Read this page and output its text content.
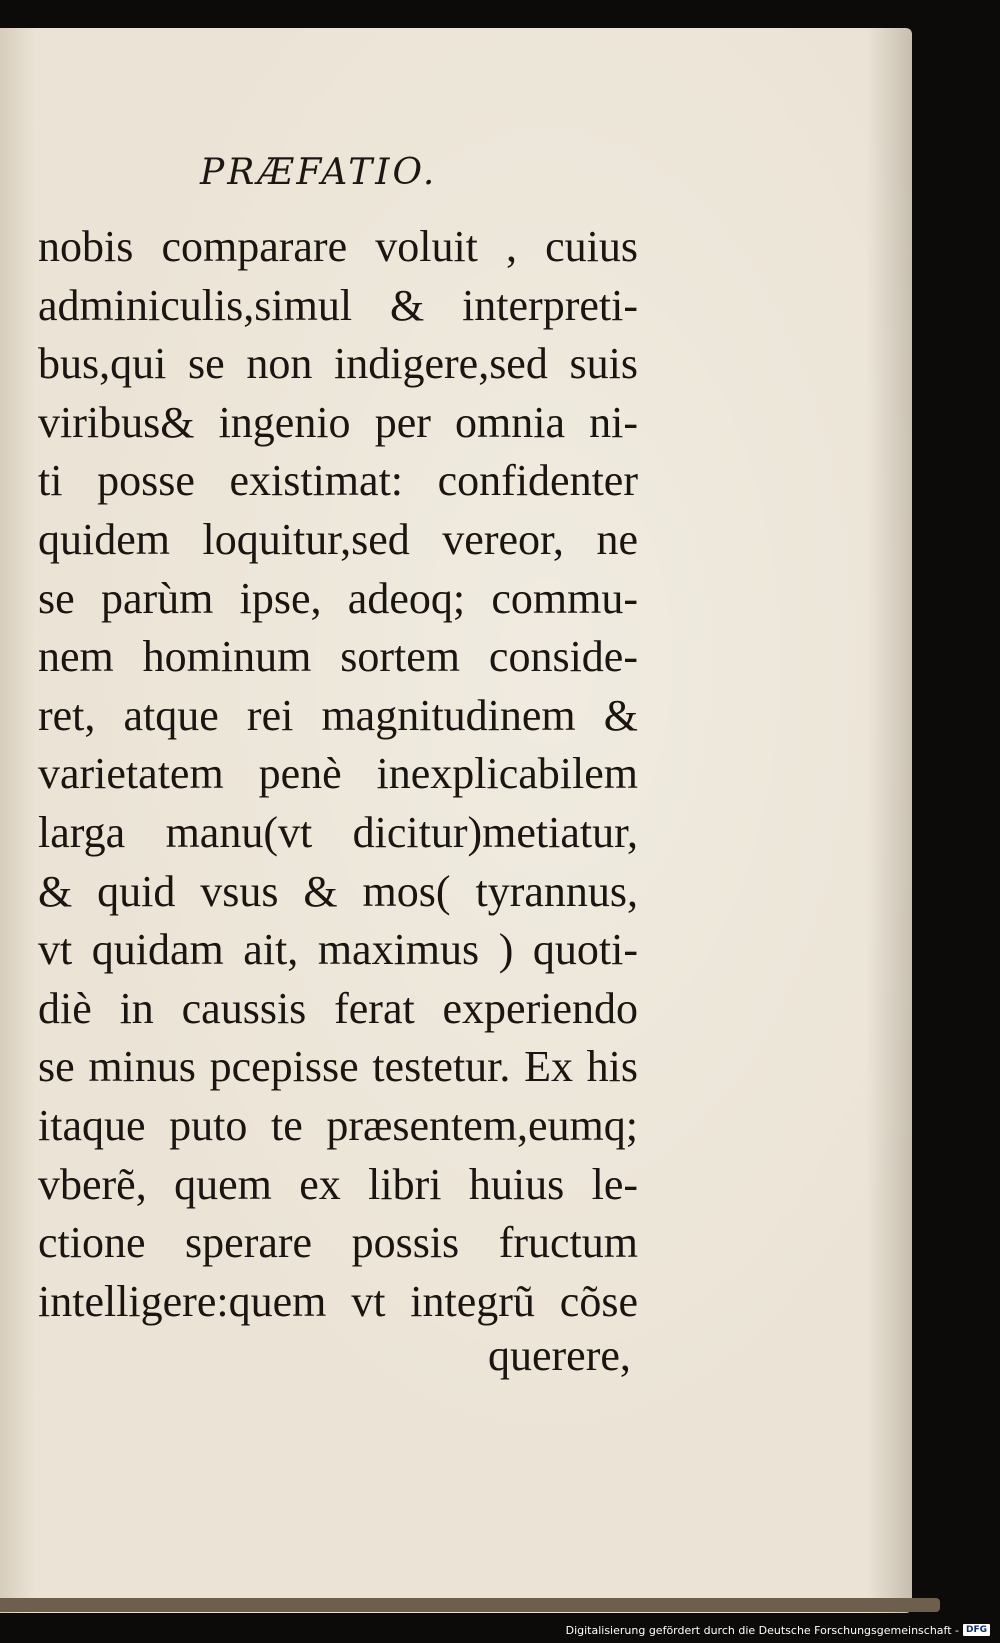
PRÆFATIO.
nobis comparare voluit , cuius
adminiculis,simul & interpreti-
bus,qui se non indigere,sed suis
viribus& ingenio per omnia ni-
ti posse existimat: confidenter
quidem loquitur,sed vereor, ne
se parùm ipse, adeoq; commu-
nem hominum sortem conside-
ret, atque rei magnitudinem &
varietatem penè inexplicabilem
larga manu(vt dicitur)metiatur,
& quid vsus & mos( tyrannus,
vt quidam ait, maximus ) quoti-
diè in caussis ferat experiendo
se minus pcepisse testetur. Ex his
itaque puto te præsentem,eumq;
vberẽ, quem ex libri huius le-
ctione sperare possis fructum
intelligere:quem vt integrũ cõse
querere,
Digitalisierung gefördert durch die Deutsche Forschungsgemeinschaft - DFG
